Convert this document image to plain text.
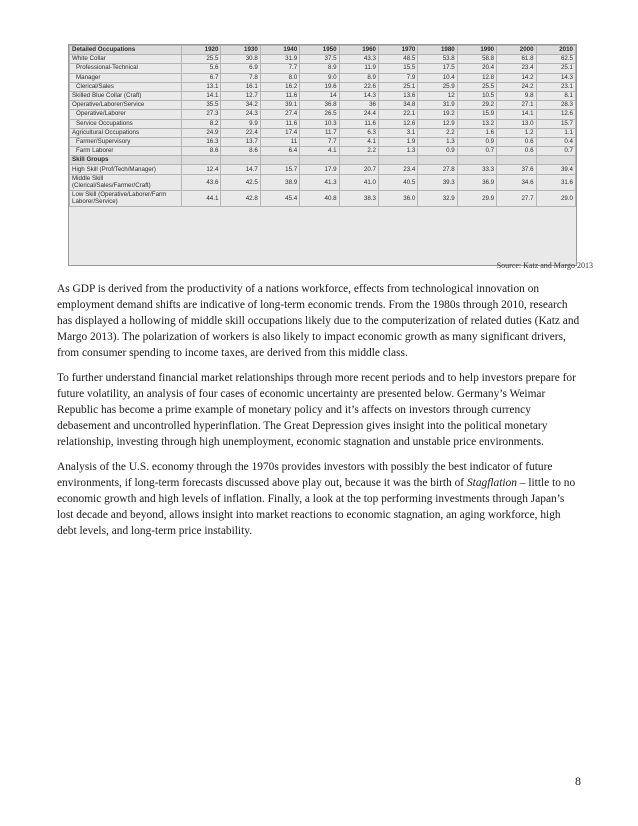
Detailed Occupations	1920	1930	1940	1950	1960	1970	1980	1990	2000	2010
White Collar	25.5	30.8	31.9	37.5	43.3	48.5	53.8	58.8	61.8	62.5
Professional-Technical	5.6	6.9	7.7	8.9	11.9	15.5	17.5	20.4	23.4	25.1
Manager	6.7	7.8	8.0	9.0	8.9	7.9	10.4	12.8	14.2	14.3
Clerical/Sales	13.1	16.1	16.2	19.6	22.6	25.1	25.9	25.5	24.2	23.1
Skilled Blue Collar (Craft)	14.1	12.7	11.6	14	14.3	13.6	12	10.5	9.8	8.1
Operative/Laborer/Service	35.5	34.2	39.1	36.8	36	34.8	31.9	29.2	27.1	28.3
Operative/Laborer	27.3	24.3	27.4	26.5	24.4	22.1	19.2	15.9	14.1	12.6
Service Occupations	8.2	9.9	11.6	10.3	11.6	12.6	12.9	13.2	13.0	15.7
Agricultural Occupations	24.9	22.4	17.4	11.7	6.3	3.1	2.2	1.6	1.2	1.1
Farmer/Supervisory	16.3	13.7	11	7.7	4.1	1.9	1.3	0.9	0.6	0.4
Farm Laborer	8.6	8.6	6.4	4.1	2.2	1.3	0.9	0.7	0.6	0.7
Skill Groups										
High Skill (Prof/Tech/Manager)	12.4	14.7	15.7	17.9	20.7	23.4	27.8	33.3	37.6	39.4
Middle Skill (Clerical/Sales/Farmer/Craft)	43.6	42.5	38.9	41.3	41.0	40.5	39.3	36.9	34.6	31.6
Low Skill (Operative/Laborer/Farm Laborer/Service)	44.1	42.8	45.4	40.8	38.3	36.0	32.9	29.9	27.7	29.0
Source: Katz and Margo 2013

As GDP is derived from the productivity of a nations workforce, effects from technological innovation on employment demand shifts are indicative of long-term economic trends. From the 1980s through 2010, research has displayed a hollowing of middle skill occupations likely due to the computerization of related duties (Katz and Margo 2013). The polarization of workers is also likely to impact economic growth as many significant drivers, from consumer spending to income taxes, are derived from this middle class.

To further understand financial market relationships through more recent periods and to help investors prepare for future volatility, an analysis of four cases of economic uncertainty are presented below. Germany’s Weimar Republic has become a prime example of monetary policy and it’s affects on investors through currency debasement and uncontrolled hyperinflation. The Great Depression gives insight into the political monetary relationship, investing through high unemployment, economic stagnation and unstable price environments.

Analysis of the U.S. economy through the 1970s provides investors with possibly the best indicator of future environments, if long-term forecasts discussed above play out, because it was the birth of Stagflation – little to no economic growth and high levels of inflation. Finally, a look at the top performing investments through Japan’s lost decade and beyond, allows insight into market reactions to economic stagnation, an aging workforce, high debt levels, and long-term price instability.

8
